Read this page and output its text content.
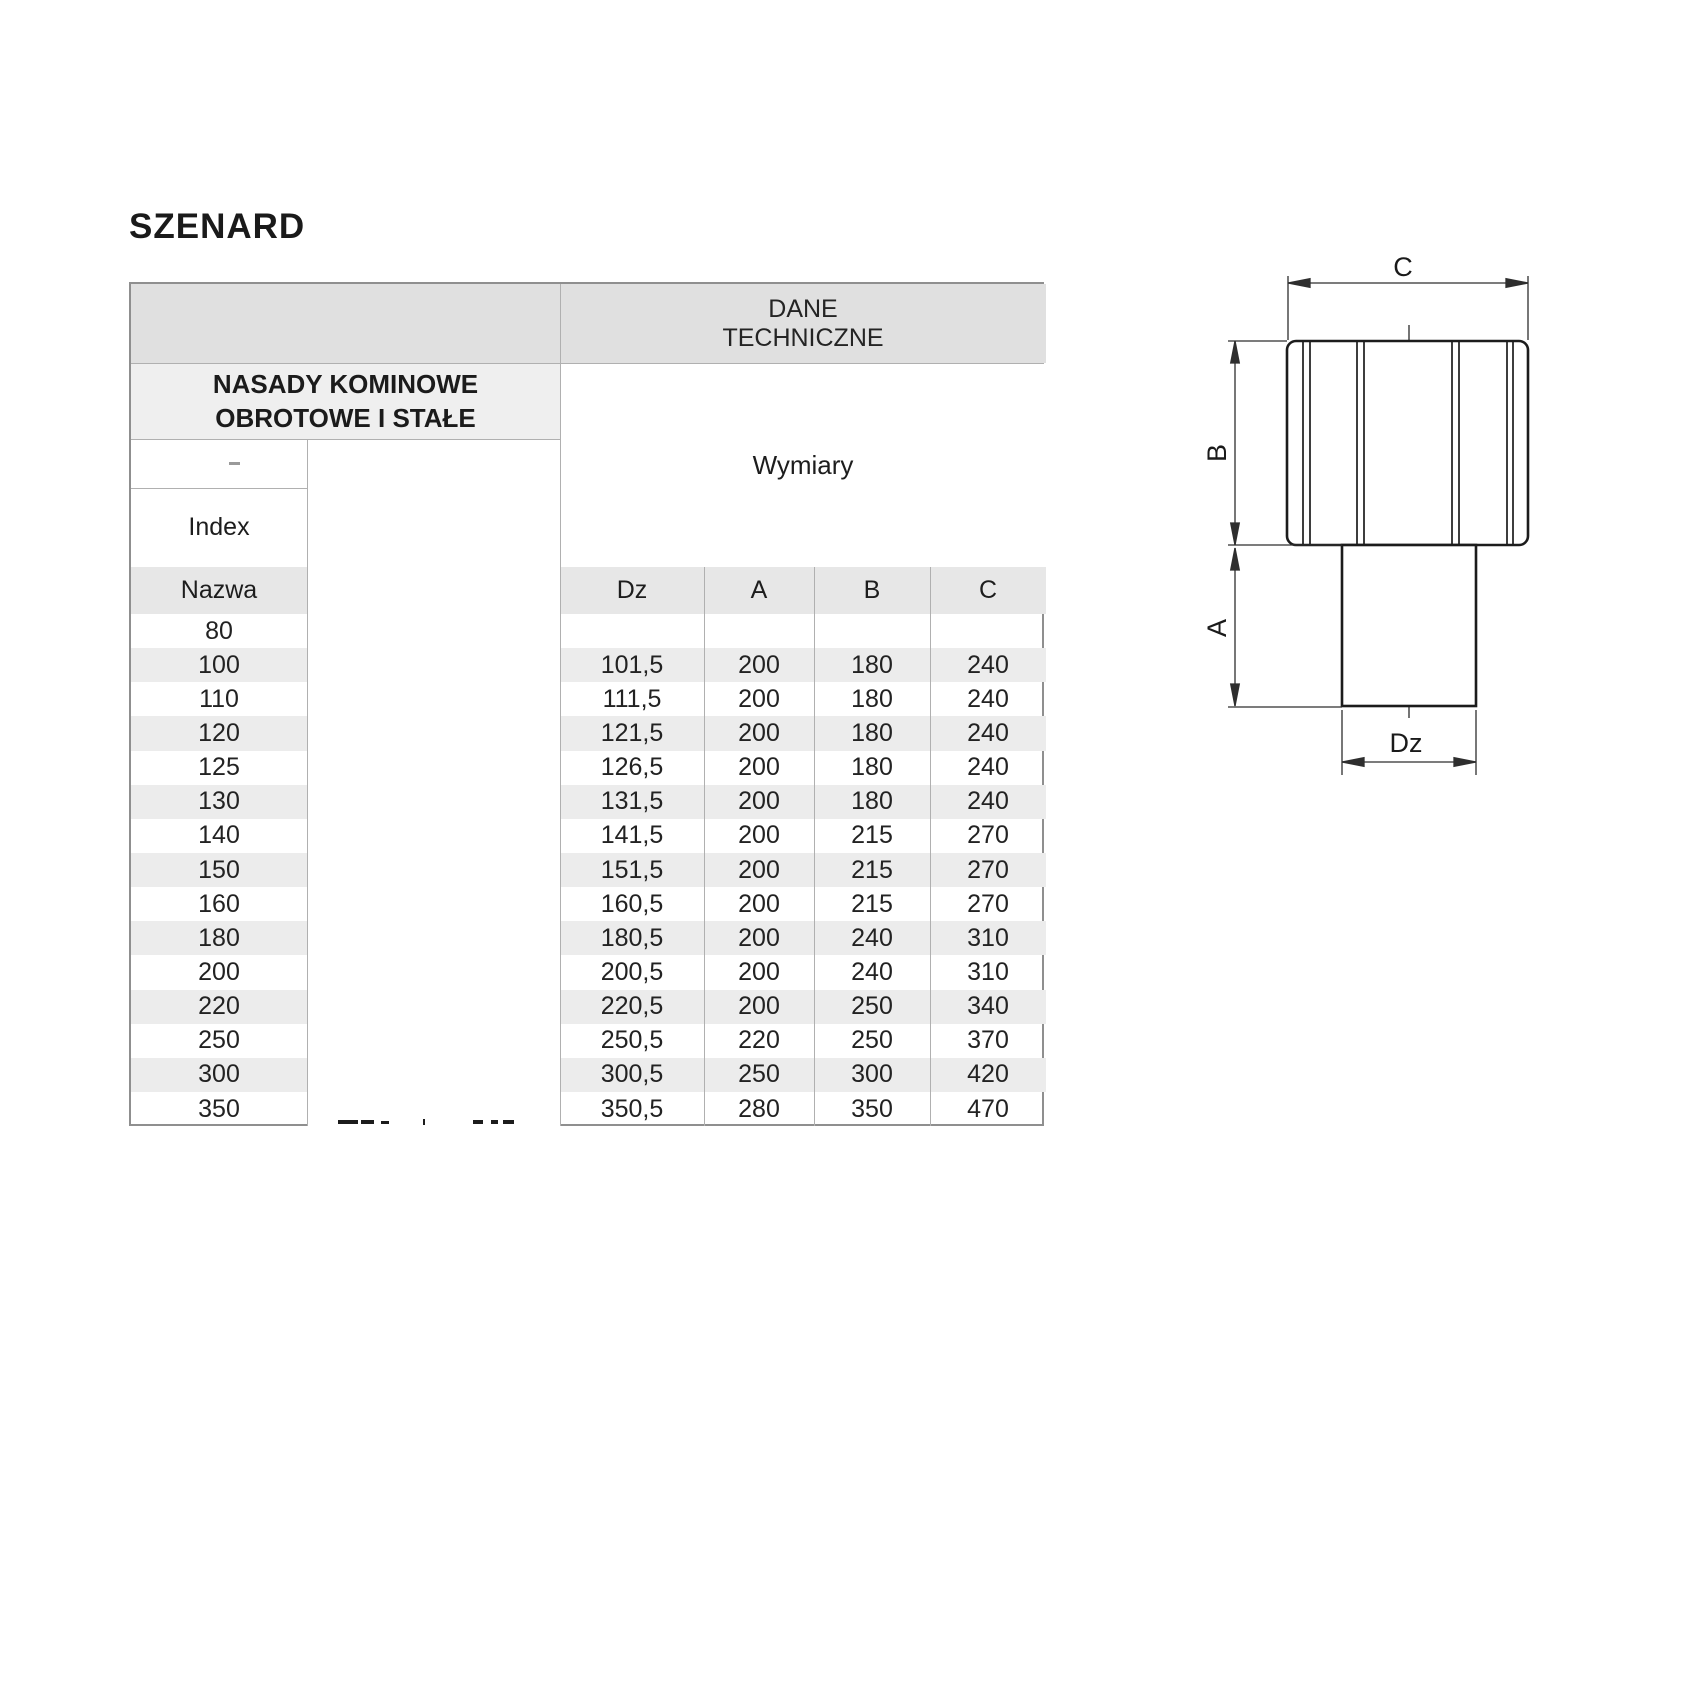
SZENARD
DANE
TECHNICZNE
NASADY KOMINOWE
OBROTOWE I STAŁE
Wymiary
Index
Nazwa	Dz	A	B	C
80
100	101,5	200	180	240
110	111,5	200	180	240
120	121,5	200	180	240
125	126,5	200	180	240
130	131,5	200	180	240
140	141,5	200	215	270
150	151,5	200	215	270
160	160,5	200	215	270
180	180,5	200	240	310
200	200,5	200	240	310
220	220,5	200	250	340
250	250,5	220	250	370
300	300,5	250	300	420
350	350,5	280	350	470
C
B
A
Dz
